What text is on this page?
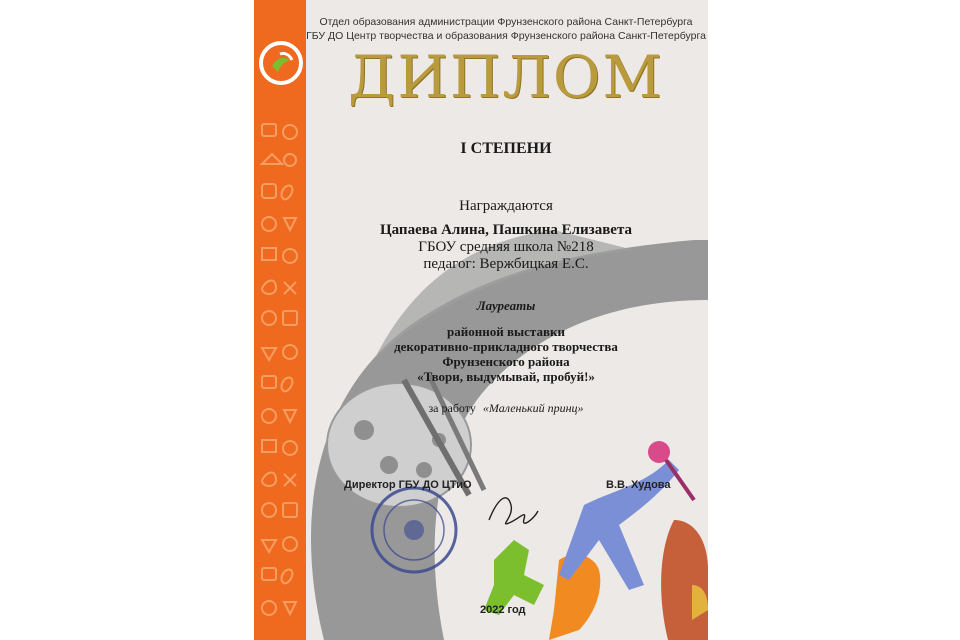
Отдел образования администрации Фрунзенского района Санкт-Петербурга
ГБУ ДО Центр творчества и образования Фрунзенского района Санкт-Петербурга
ДИПЛОМ
I СТЕПЕНИ
Награждаются
Цапаева Алина, Пашкина Елизавета
ГБОУ средняя школа №218
педагог: Вержбицкая Е.С.
Лауреаты
районной выставки
декоративно-прикладного творчества
Фрунзенского района
«Твори, выдумывай, пробуй!»
за работу «Маленький принц»
Директор ГБУ ДО ЦТиО	В.В. Худова
2022 год
